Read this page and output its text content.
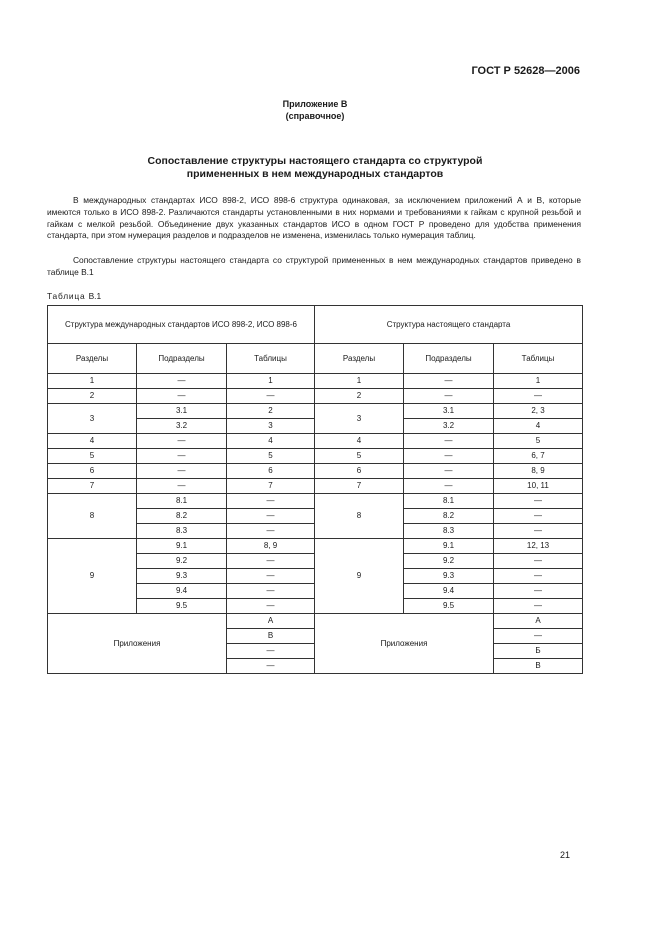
ГОСТ Р 52628—2006
Приложение В
(справочное)
Сопоставление структуры настоящего стандарта со структурой
примененных в нем международных стандартов
В международных стандартах ИСО 898-2, ИСО 898-6 структура одинаковая, за исключением приложений А и В, которые имеются только в ИСО 898-2. Различаются стандарты установленными в них нормами и требованиями к гайкам с крупной резьбой и гайкам с мелкой резьбой. Объединение двух указанных стандартов ИСО в одном ГОСТ Р проведено для удобства применения стандарта, при этом нумерация разделов и подразделов не изменена, изменилась только нумерация таблиц.
Сопоставление структуры настоящего стандарта со структурой примененных в нем международных стандартов приведено в таблице В.1
Таблица В.1
Структура международных стандартов ИСО 898-2, ИСО 898-6			Структура настоящего стандарта		
Разделы	Подразделы	Таблицы	Разделы	Подразделы	Таблицы
1	—	1	1	—	1
2	—	—	2	—	—
3	3.1	2	3	3.1	2, 3
	3.2	3		3.2	4
4	—	4	4	—	5
5	—	5	5	—	6, 7
6	—	6	6	—	8, 9
7	—	7	7	—	10, 11
8	8.1	—	8	8.1	—
	8.2	—		8.2	—
	8.3	—		8.3	—
9	9.1	8, 9	9	9.1	12, 13
	9.2	—		9.2	—
	9.3	—		9.3	—
	9.4	—		9.4	—
	9.5	—		9.5	—
Приложения		А	Приложения		А
		В			—
		—			Б
		—			В
21
